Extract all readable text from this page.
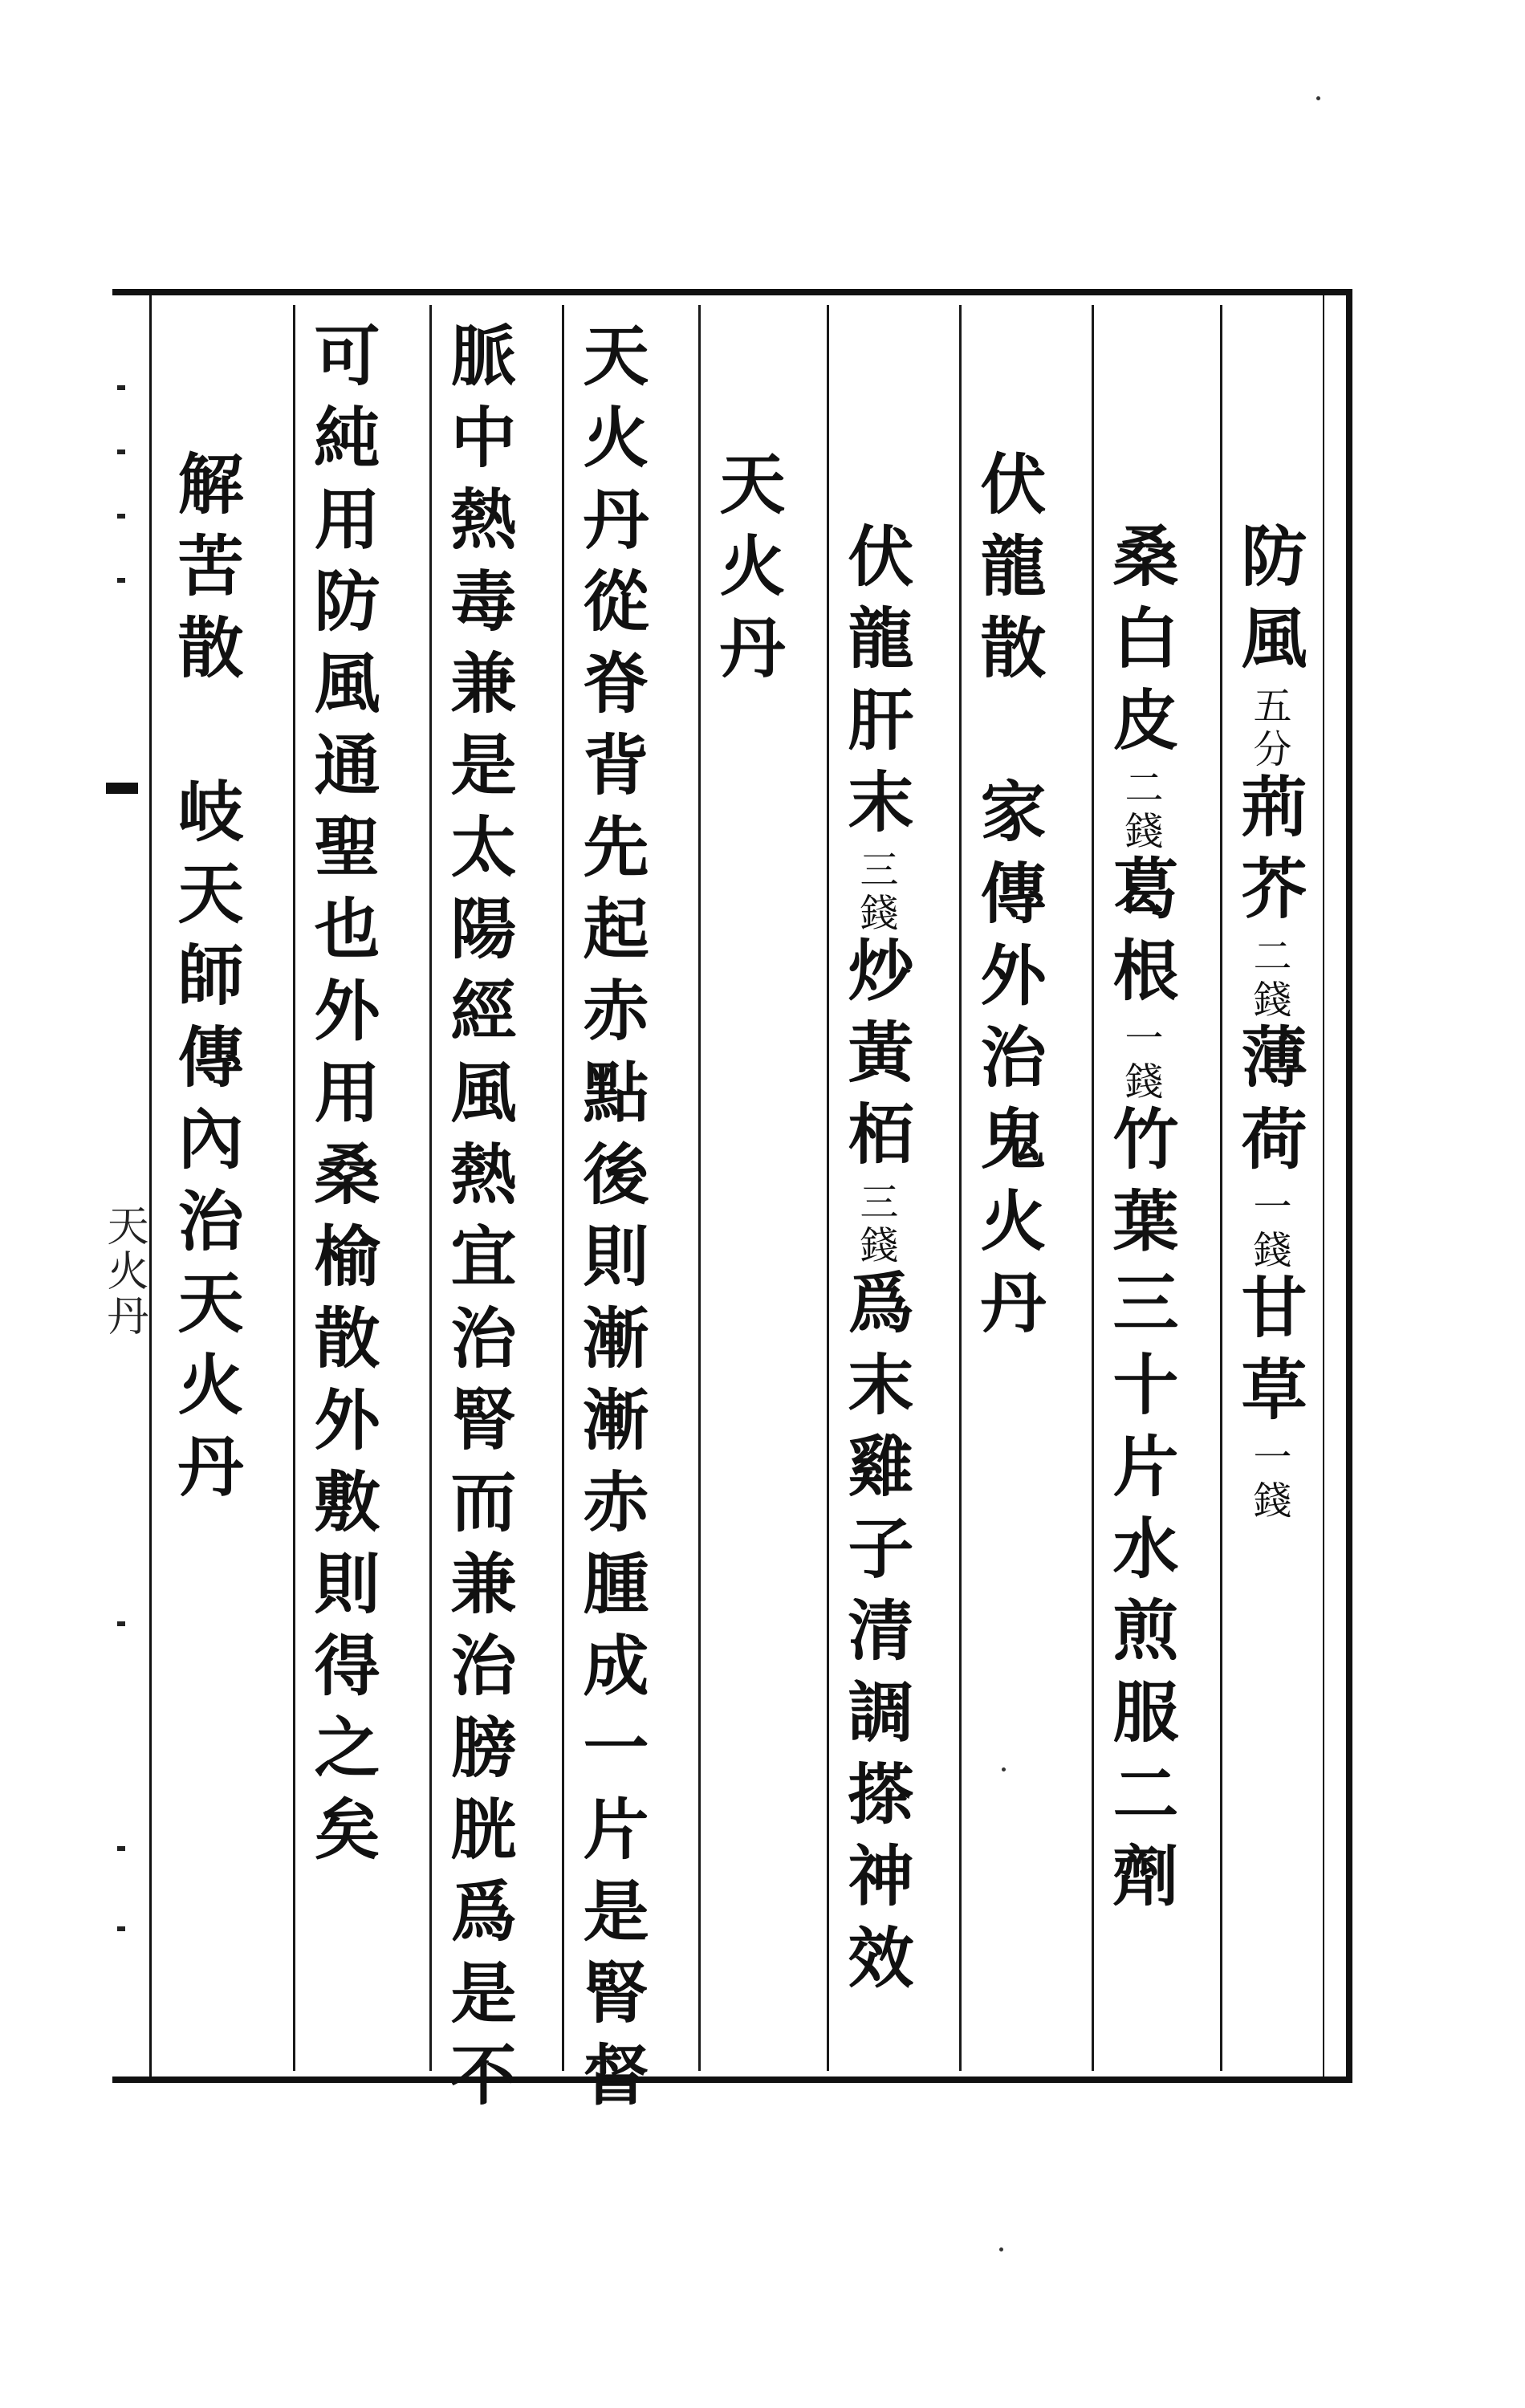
天火丹
防風五分荊芥二錢薄荷一錢甘草一錢
桑白皮二錢葛根一錢竹葉三十片水煎服二劑
伏龍散　家傳外治鬼火丹
伏龍肝末三錢炒黃栢三錢爲末雞子清調搽神效
天火丹
天火丹從脊背先起赤點後則漸漸赤腫成一片是腎督
脈中熱毒兼是太陽經風熱宜治腎而兼治膀胱爲是不
可純用防風通聖也外用桑榆散外敷則得之矣
解苦散　岐天師傳內治天火丹
